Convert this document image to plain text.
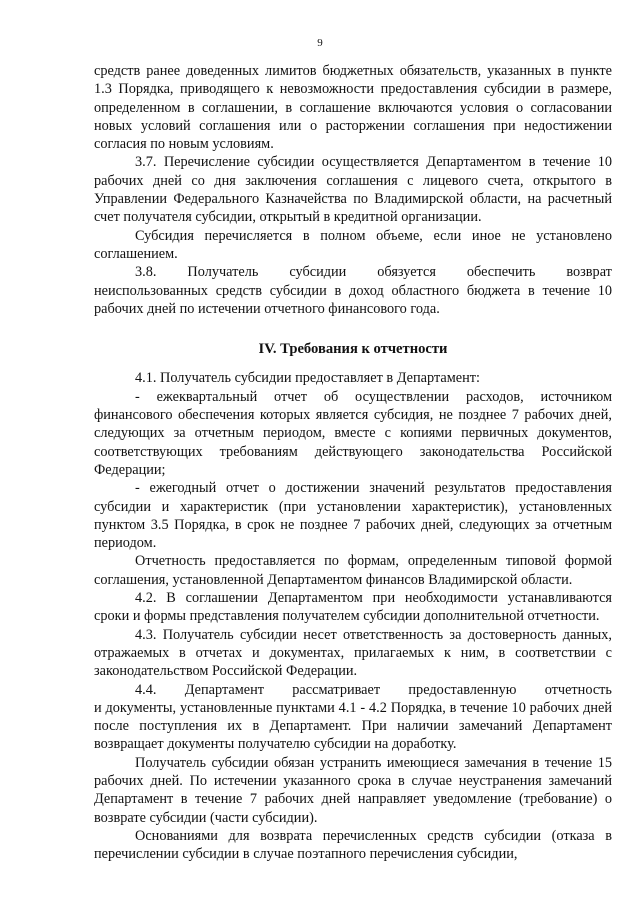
9

средств ранее доведенных лимитов бюджетных обязательств, указанных в пункте 1.3 Порядка, приводящего к невозможности предоставления субсидии в размере, определенном в соглашении, в соглашение включаются условия о согласовании новых условий соглашения или о расторжении соглашения при недостижении согласия по новым условиям.

3.7. Перечисление субсидии осуществляется Департаментом в течение 10 рабочих дней со дня заключения соглашения с лицевого счета, открытого в Управлении Федерального Казначейства по Владимирской области, на расчетный счет получателя субсидии, открытый в кредитной организации.

Субсидия перечисляется в полном объеме, если иное не установлено соглашением.

3.8. Получатель субсидии обязуется обеспечить возврат

неиспользованных средств субсидии в доход областного бюджета в течение 10 рабочих дней по истечении отчетного финансового года.

IV. Требования к отчетности

4.1. Получатель субсидии предоставляет в Департамент:

- ежеквартальный отчет об осуществлении расходов, источником финансового обеспечения которых является субсидия, не позднее 7 рабочих дней, следующих за отчетным периодом, вместе с копиями первичных документов, соответствующих требованиям действующего законодательства Российской Федерации;

- ежегодный отчет о достижении значений результатов предоставления субсидии и характеристик (при установлении характеристик), установленных пунктом 3.5 Порядка, в срок не позднее 7 рабочих дней, следующих за отчетным периодом.

Отчетность предоставляется по формам, определенным типовой формой соглашения, установленной Департаментом финансов Владимирской области.

4.2. В соглашении Департаментом при необходимости устанавливаются сроки и формы представления получателем субсидии дополнительной отчетности.

4.3. Получатель субсидии несет ответственность за достоверность данных, отражаемых в отчетах и документах, прилагаемых к ним, в соответствии с законодательством Российской Федерации.

4.4. Департамент рассматривает предоставленную отчетность

и документы, установленные пунктами 4.1 - 4.2 Порядка, в течение 10 рабочих дней после поступления их в Департамент. При наличии замечаний Департамент возвращает документы получателю субсидии на доработку.

Получатель субсидии обязан устранить имеющиеся замечания в течение 15 рабочих дней. По истечении указанного срока в случае неустранения замечаний Департамент в течение 7 рабочих дней направляет уведомление (требование) о возврате субсидии (части субсидии).

Основаниями для возврата перечисленных средств субсидии (отказа в перечислении субсидии в случае поэтапного перечисления субсидии,
